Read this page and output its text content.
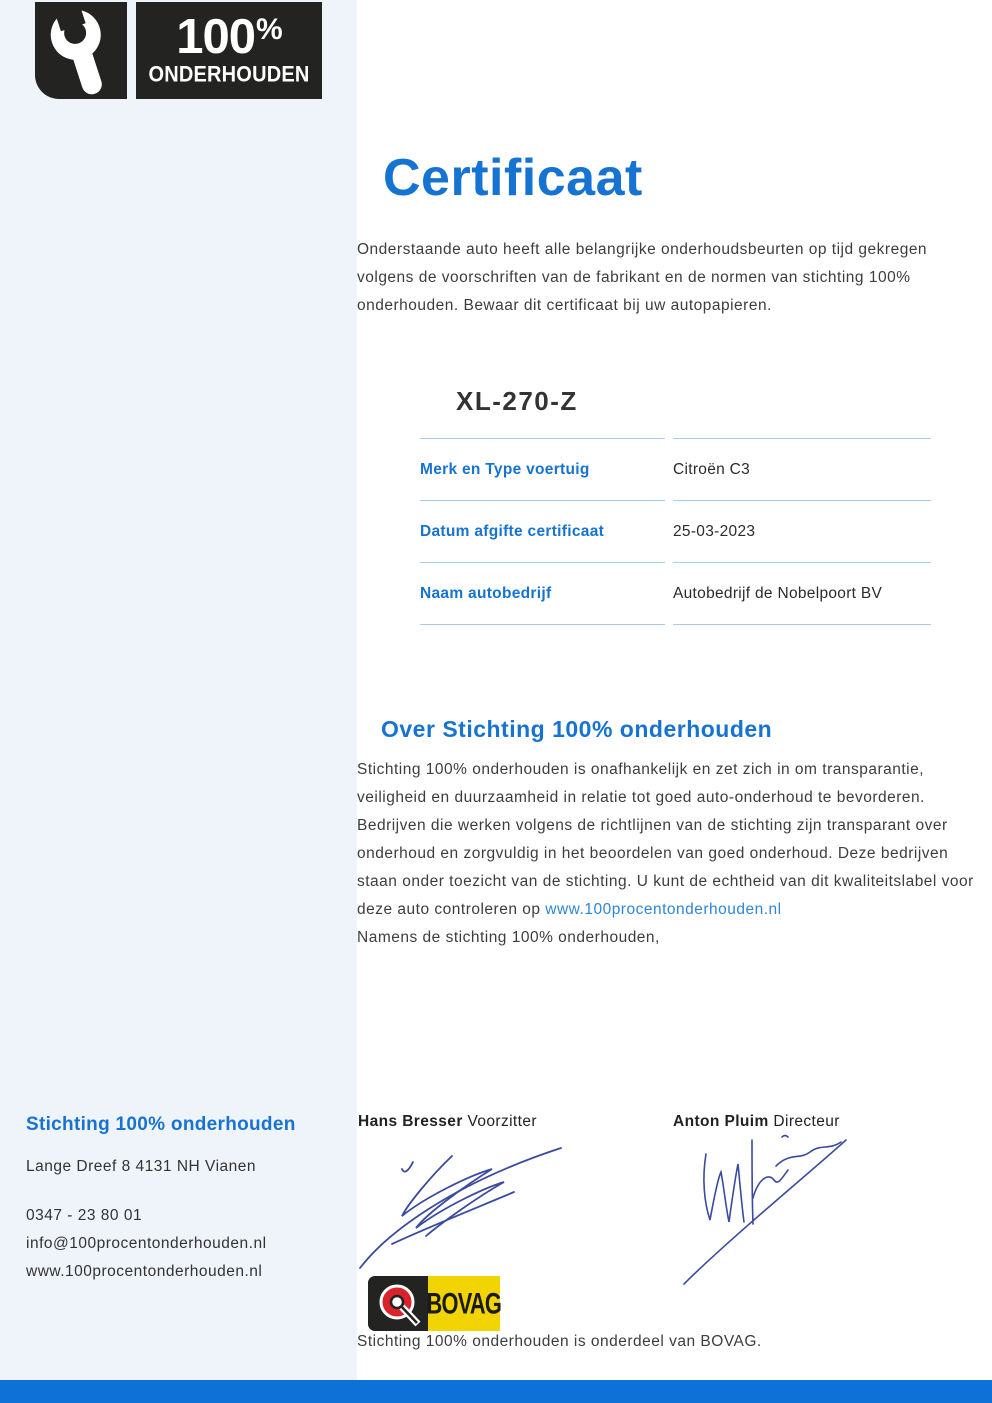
100 %
ONDERHOUDEN
Certificaat
Onderstaande auto heeft alle belangrijke onderhoudsbeurten op tijd gekregen volgens de voorschriften van de fabrikant en de normen van stichting 100% onderhouden. Bewaar dit certificaat bij uw autopapieren.
XL-270-Z
Merk en Type voertuig	Citroën C3
Datum afgifte certificaat	25-03-2023
Naam autobedrijf	Autobedrijf de Nobelpoort BV
Over Stichting 100% onderhouden
Stichting 100% onderhouden is onafhankelijk en zet zich in om transparantie, veiligheid en duurzaamheid in relatie tot goed auto-onderhoud te bevorderen. Bedrijven die werken volgens de richtlijnen van de stichting zijn transparant over onderhoud en zorgvuldig in het beoordelen van goed onderhoud. Deze bedrijven staan onder toezicht van de stichting. U kunt de echtheid van dit kwaliteitslabel voor deze auto controleren op www.100procentonderhouden.nl
Namens de stichting 100% onderhouden,
Stichting 100% onderhouden
Lange Dreef 8 4131 NH Vianen
0347 - 23 80 01
info@100procentonderhouden.nl
www.100procentonderhouden.nl
Hans Bresser Voorzitter	Anton Pluim Directeur
BOVAG
Stichting 100% onderhouden is onderdeel van BOVAG.
